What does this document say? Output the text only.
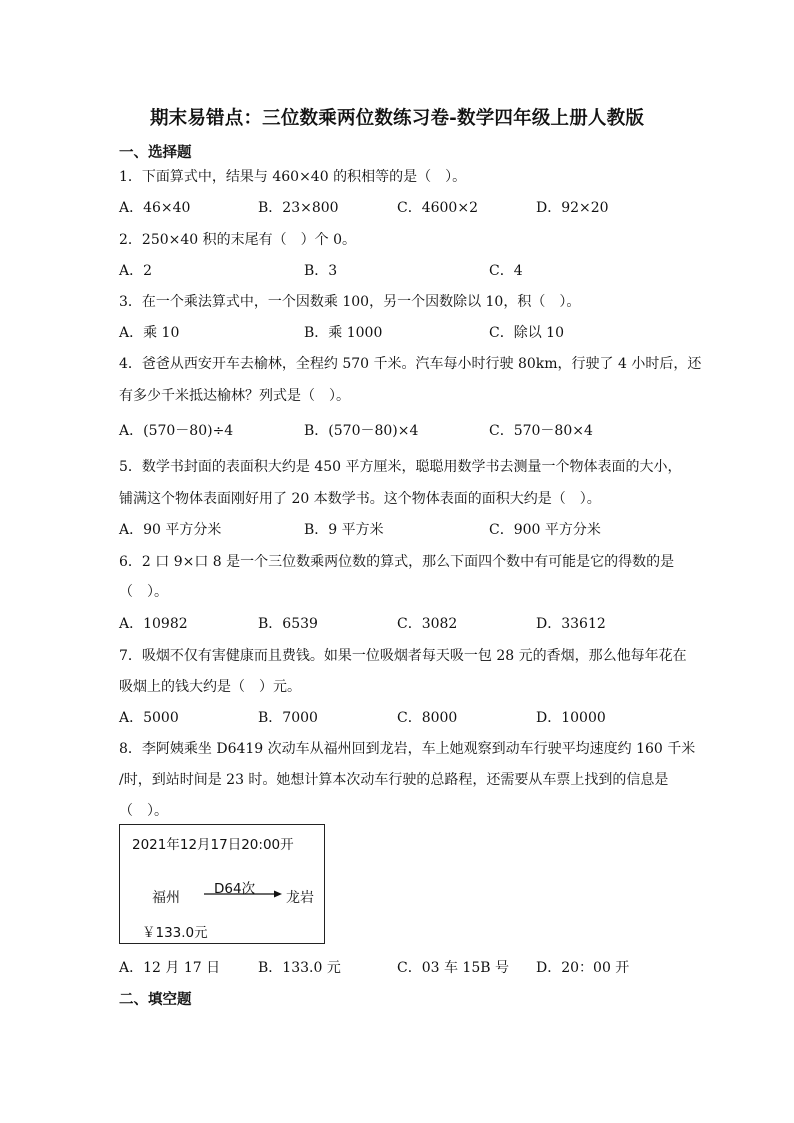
期末易错点：三位数乘两位数练习卷-数学四年级上册人教版
一、选择题
1．下面算式中，结果与 460×40 的积相等的是（　）。
A．46×40	B．23×800	C．4600×2	D．92×20
2．250×40 积的末尾有（　）个 0。
A．2	B．3	C．4
3．在一个乘法算式中，一个因数乘 100，另一个因数除以 10，积（　）。
A．乘 10	B．乘 1000	C．除以 10
4．爸爸从西安开车去榆林，全程约 570 千米。汽车每小时行驶 80km，行驶了 4 小时后，还
有多少千米抵达榆林？列式是（　）。
A．(570－80)÷4	B．(570－80)×4	C．570－80×4
5．数学书封面的表面积大约是 450 平方厘米，聪聪用数学书去测量一个物体表面的大小，
铺满这个物体表面刚好用了 20 本数学书。这个物体表面的面积大约是（　）。
A．90 平方分米	B．9 平方米	C．900 平方分米
6．2 口 9×口 8 是一个三位数乘两位数的算式，那么下面四个数中有可能是它的得数的是
（　）。
A．10982	B．6539	C．3082	D．33612
7．吸烟不仅有害健康而且费钱。如果一位吸烟者每天吸一包 28 元的香烟，那么他每年花在
吸烟上的钱大约是（　）元。
A．5000	B．7000	C．8000	D．10000
8．李阿姨乘坐 D6419 次动车从福州回到龙岩，车上她观察到动车行驶平均速度约 160 千米
/时，到站时间是 23 时。她想计算本次动车行驶的总路程，还需要从车票上找到的信息是
（　）。
2021年12月17日20:00开
D64次
福州	龙岩
￥133.0元
A．12 月 17 日	B．133.0 元	C．03 车 15B 号 D．20：00 开
二、填空题
